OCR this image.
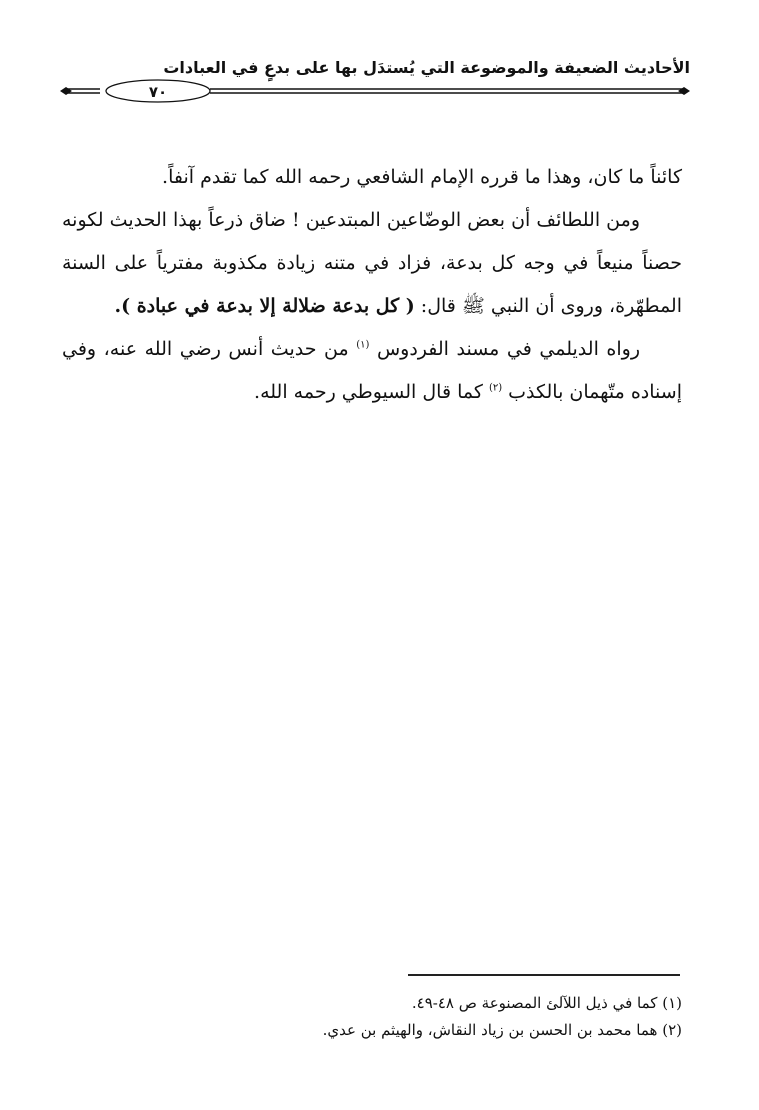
الأحاديث الضعيفة والموضوعة التي يُستدَل بها على بدعٍ في العبادات
٧٠

كائناً ما كان، وهذا ما قرره الإمام الشافعي رحمه الله كما تقدم آنفاً.

ومن اللطائف أن بعض الوضّاعين المبتدعين ! ضاق ذرعاً بهذا الحديث لكونه حصناً منيعاً في وجه كل بدعة، فزاد في متنه زيادة مكذوبة مفترياً على السنة المطهّرة، وروى أن النبي ﷺ قال: ( كل بدعة ضلالة إلا بدعة في عبادة ).

رواه الديلمي في مسند الفردوس $^{(١)}$ من حديث أنس رضي الله عنه، وفي إسناده متّهمان بالكذب $^{(٢)}$ كما قال السيوطي رحمه الله.

(١) كما في ذيل اللآلئ المصنوعة ص ٤٨-٤٩.

(٢) هما محمد بن الحسن بن زياد النقاش، والهيثم بن عدي.
